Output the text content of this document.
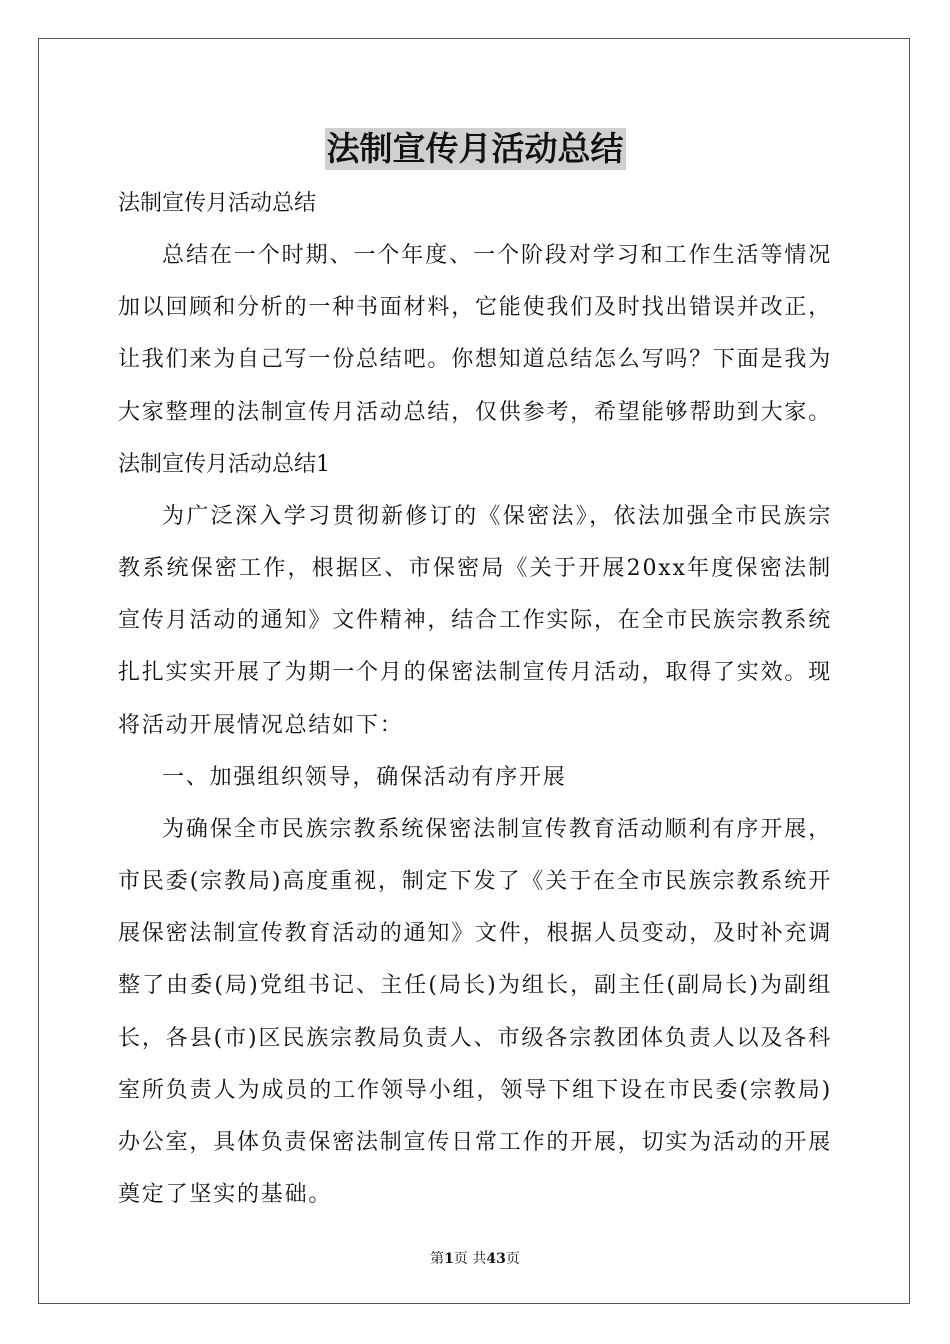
法制宣传月活动总结

法制宣传月活动总结

总结在一个时期、一个年度、一个阶段对学习和工作生活等情况加以回顾和分析的一种书面材料，它能使我们及时找出错误并改正，让我们来为自己写一份总结吧。你想知道总结怎么写吗？下面是我为大家整理的法制宣传月活动总结，仅供参考，希望能够帮助到大家。

法制宣传月活动总结1

为广泛深入学习贯彻新修订的《保密法》，依法加强全市民族宗教系统保密工作，根据区、市保密局《关于开展20xx年度保密法制宣传月活动的通知》文件精神，结合工作实际，在全市民族宗教系统扎扎实实开展了为期一个月的保密法制宣传月活动，取得了实效。现将活动开展情况总结如下：

一、加强组织领导，确保活动有序开展

为确保全市民族宗教系统保密法制宣传教育活动顺利有序开展，市民委(宗教局)高度重视，制定下发了《关于在全市民族宗教系统开展保密法制宣传教育活动的通知》文件，根据人员变动，及时补充调整了由委(局)党组书记、主任(局长)为组长，副主任(副局长)为副组长，各县(市)区民族宗教局负责人、市级各宗教团体负责人以及各科室所负责人为成员的工作领导小组，领导下组下设在市民委(宗教局)办公室，具体负责保密法制宣传日常工作的开展，切实为活动的开展奠定了坚实的基础。

第1页 共43页
